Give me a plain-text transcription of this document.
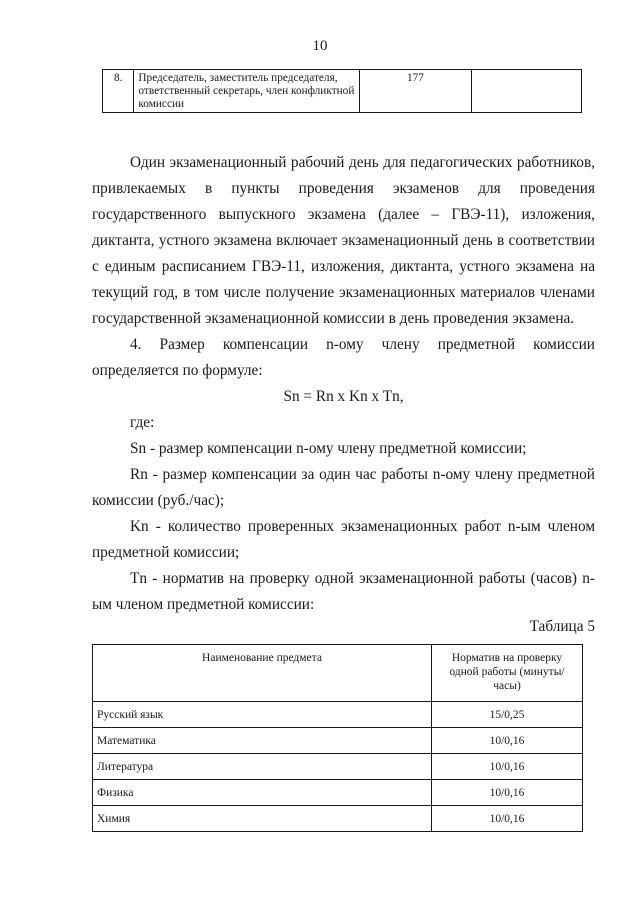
10
8.	Председатель, заместитель председателя, ответственный секретарь, член конфликтной комиссии	177	

Один экзаменационный рабочий день для педагогических работников, привлекаемых в пункты проведения экзаменов для проведения государственного выпускного экзамена (далее – ГВЭ-11), изложения, диктанта, устного экзамена включает экзаменационный день в соответствии с единым расписанием ГВЭ-11, изложения, диктанта, устного экзамена на текущий год, в том числе получение экзаменационных материалов членами государственной экзаменационной комиссии в день проведения экзамена.

4. Размер компенсации n-ому члену предметной комиссии определяется по формуле:

Sn = Rn x Kn x Tn,

где:

Sn - размер компенсации n-ому члену предметной комиссии;

Rn - размер компенсации за один час работы n-ому члену предметной комиссии (руб./час);

Kn - количество проверенных экзаменационных работ n-ым членом предметной комиссии;

Tn - норматив на проверку одной экзаменационной работы (часов) n-ым членом предметной комиссии:

Таблица 5
Наименование предмета	Норматив на проверку одной работы (минуты/часы)
Русский язык	15/0,25
Математика	10/0,16
Литература	10/0,16
Физика	10/0,16
Химия	10/0,16
